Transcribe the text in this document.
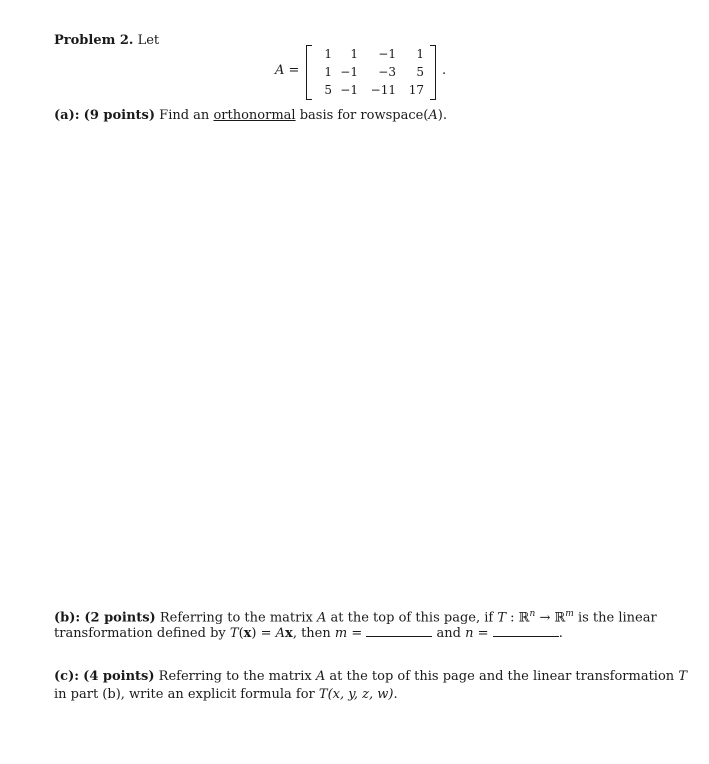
Problem 2. Let
A =
1	1	−1	1
1 −1	−3	5
5 −1 −11	17
.
(a): (9 points) Find an orthonormal basis for rowspace(A).
(b): (2 points) Referring to the matrix A at the top of this page, if T : ℝ$^n$ → ℝ$^m$ is the linear
transformation defined by T(x) = Ax, then m =	and n =	.
(c): (4 points) Referring to the matrix A at the top of this page and the linear transformation T
in part (b), write an explicit formula for T(x, y, z, w).
